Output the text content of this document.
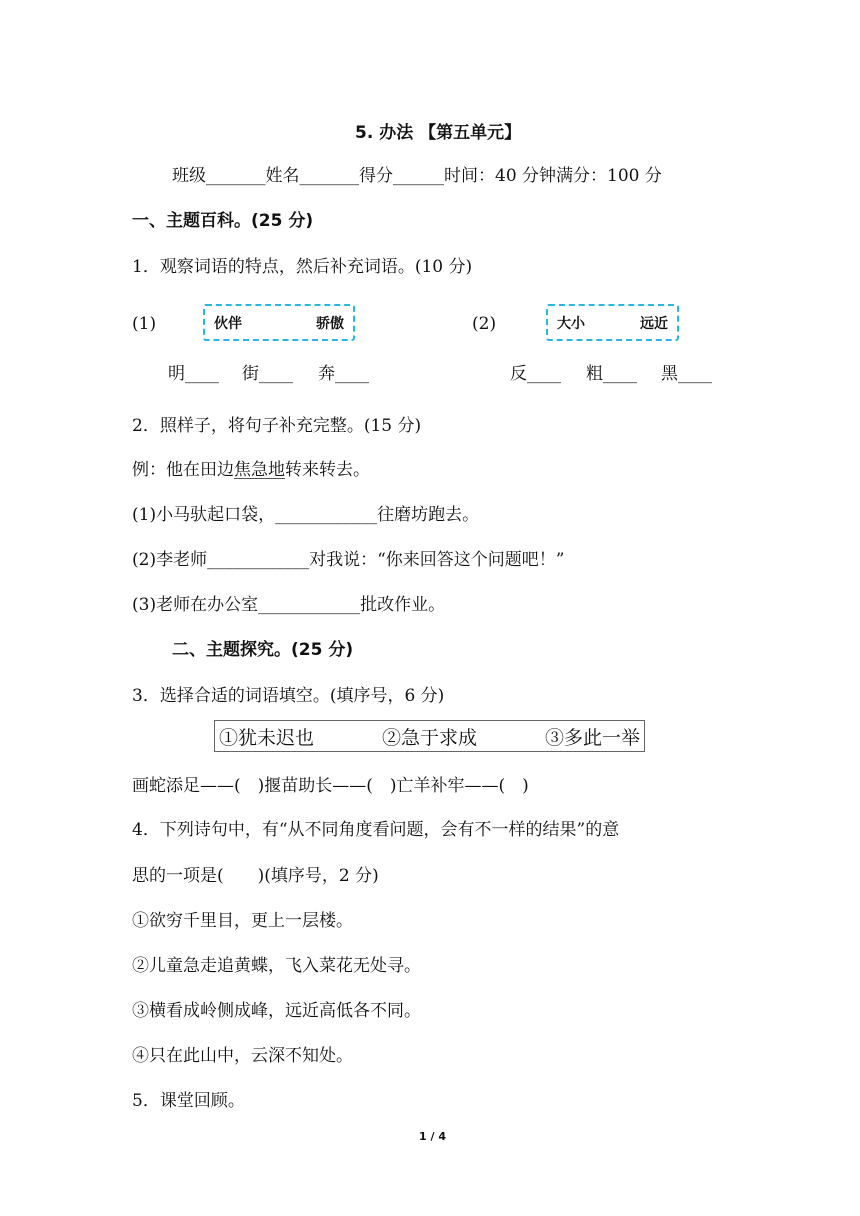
5. 办法 【第五单元】
班级_______姓名_______得分______时间：40 分钟满分：100 分
一、主题百科。(25 分)
1．观察词语的特点，然后补充词语。(10 分)
(1)	伙伴	骄傲	(2)	大小	远近
明____ 街____ 奔____	反____ 粗____ 黑____
2．照样子，将句子补充完整。(15 分)
例：他在田边焦急地转来转去。
(1)小马驮起口袋，____________往磨坊跑去。
(2)李老师____________对我说：“你来回答这个问题吧！”
(3)老师在办公室____________批改作业。
二、主题探究。(25 分)
3．选择合适的词语填空。(填序号，6 分)
①犹未迟也	②急于求成	③多此一举
画蛇添足——(　)揠苗助长——(　)亡羊补牢——(　)
4．下列诗句中，有“从不同角度看问题，会有不一样的结果”的意
思的一项是(　　)(填序号，2 分)
①欲穷千里目，更上一层楼。
②儿童急走追黄蝶，飞入菜花无处寻。
③横看成岭侧成峰，远近高低各不同。
④只在此山中，云深不知处。
5．课堂回顾。
1 / 4
